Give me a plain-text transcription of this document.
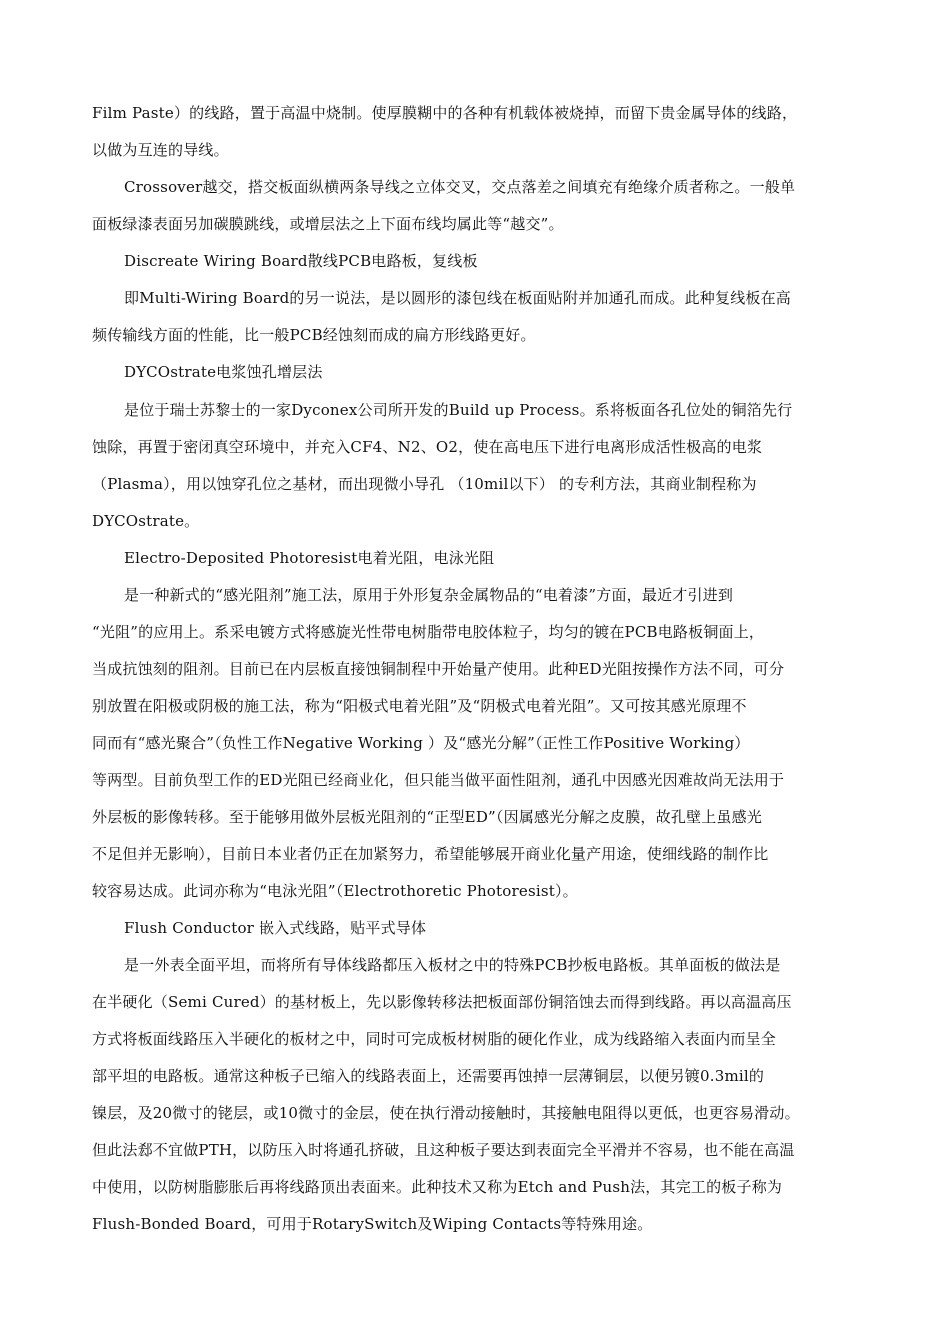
Film Paste）的线路，置于高温中烧制。使厚膜糊中的各种有机载体被烧掉，而留下贵金属导体的线路，
以做为互连的导线。
Crossover越交，搭交板面纵横两条导线之立体交叉，交点落差之间填充有绝缘介质者称之。一般单
面板绿漆表面另加碳膜跳线，或增层法之上下面布线均属此等“越交”。
Discreate Wiring Board散线PCB电路板，复线板
即Multi-Wiring Board的另一说法，是以圆形的漆包线在板面贴附并加通孔而成。此种复线板在高
频传输线方面的性能，比一般PCB经蚀刻而成的扁方形线路更好。
DYCOstrate电浆蚀孔增层法
是位于瑞士苏黎士的一家Dyconex公司所开发的Build up Process。系将板面各孔位处的铜箔先行
蚀除，再置于密闭真空环境中，并充入CF4、N2、O2，使在高电压下进行电离形成活性极高的电浆
（Plasma），用以蚀穿孔位之基材，而出现微小导孔 （10mil以下） 的专利方法，其商业制程称为
DYCOstrate。
Electro-Deposited Photoresist电着光阻，电泳光阻
是一种新式的“感光阻剂”施工法，原用于外形复杂金属物品的“电着漆”方面，最近才引进到
“光阻”的应用上。系采电镀方式将感旋光性带电树脂带电胶体粒子，均匀的镀在PCB电路板铜面上，
当成抗蚀刻的阻剂。目前已在内层板直接蚀铜制程中开始量产使用。此种ED光阻按操作方法不同，可分
别放置在阳极或阴极的施工法，称为“阳极式电着光阻”及“阴极式电着光阻”。又可按其感光原理不
同而有“感光聚合”（负性工作Negative Working ）及“感光分解”（正性工作Positive Working）
等两型。目前负型工作的ED光阻已经商业化，但只能当做平面性阻剂，通孔中因感光因难故尚无法用于
外层板的影像转移。至于能够用做外层板光阻剂的“正型ED”（因属感光分解之皮膜，故孔壁上虽感光
不足但并无影响），目前日本业者仍正在加紧努力，希望能够展开商业化量产用途，使细线路的制作比
较容易达成。此词亦称为“电泳光阻”（Electrothoretic Photoresist）。
Flush Conductor 嵌入式线路，贴平式导体
是一外表全面平坦，而将所有导体线路都压入板材之中的特殊PCB抄板电路板。其单面板的做法是
在半硬化（Semi Cured）的基材板上，先以影像转移法把板面部份铜箔蚀去而得到线路。再以高温高压
方式将板面线路压入半硬化的板材之中，同时可完成板材树脂的硬化作业，成为线路缩入表面内而呈全
部平坦的电路板。通常这种板子已缩入的线路表面上，还需要再蚀掉一层薄铜层，以便另镀0.3mil的
镍层，及20微寸的铑层，或10微寸的金层，使在执行滑动接触时，其接触电阻得以更低，也更容易滑动。
但此法郄不宜做PTH，以防压入时将通孔挤破，且这种板子要达到表面完全平滑并不容易，也不能在高温
中使用，以防树脂膨胀后再将线路顶出表面来。此种技术又称为Etch and Push法，其完工的板子称为
Flush-Bonded Board，可用于RotarySwitch及Wiping Contacts等特殊用途。
